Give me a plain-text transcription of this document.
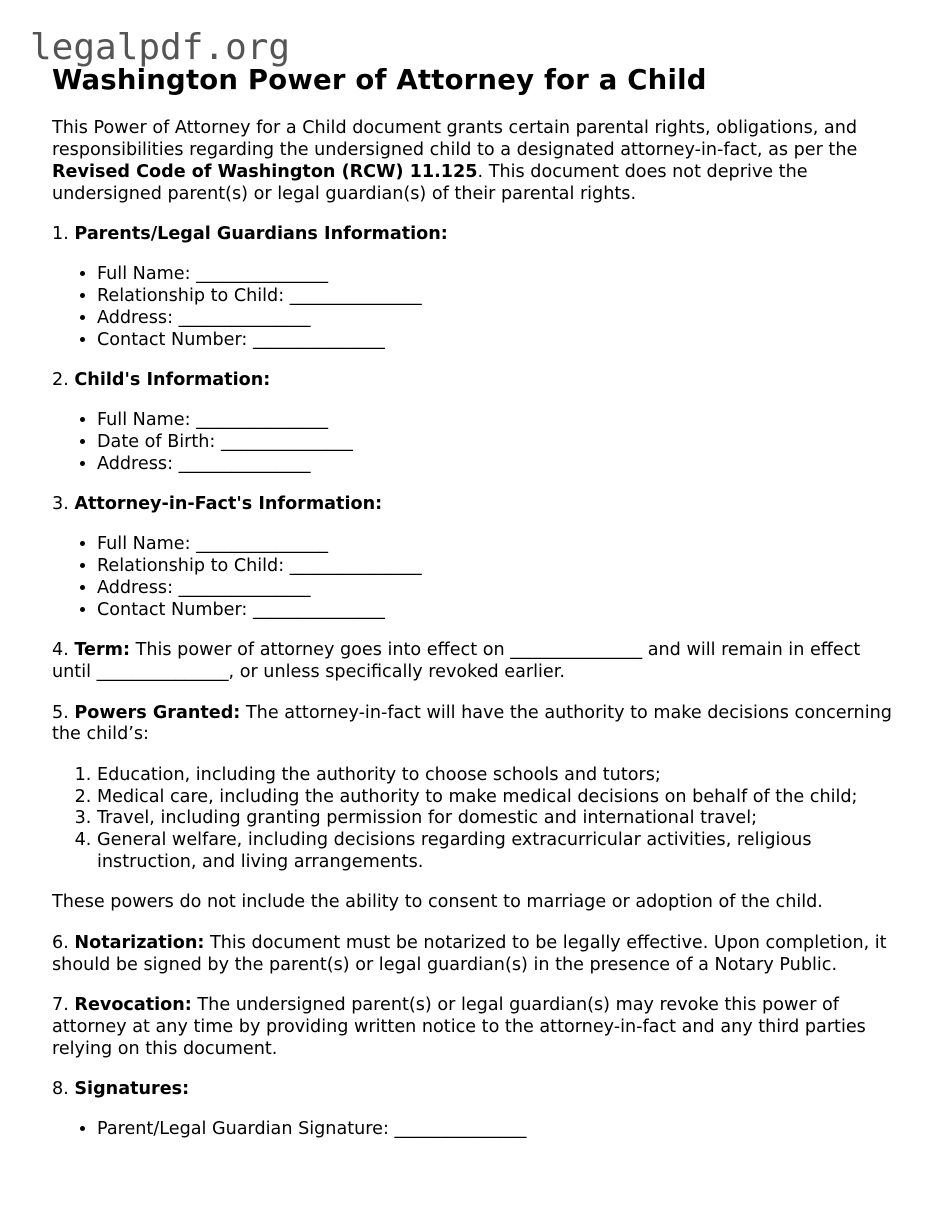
legalpdf.org
Washington Power of Attorney for a Child

This Power of Attorney for a Child document grants certain parental rights, obligations, and responsibilities regarding the undersigned child to a designated attorney-in-fact, as per the Revised Code of Washington (RCW) 11.125. This document does not deprive the undersigned parent(s) or legal guardian(s) of their parental rights.

1. Parents/Legal Guardians Information:

• Full Name: _______________
• Relationship to Child: _______________
• Address: _______________
• Contact Number: _______________

2. Child's Information:

• Full Name: _______________
• Date of Birth: _______________
• Address: _______________

3. Attorney-in-Fact's Information:

• Full Name: _______________
• Relationship to Child: _______________
• Address: _______________
• Contact Number: _______________

4. Term: This power of attorney goes into effect on _______________ and will remain in effect until _______________, or unless specifically revoked earlier.

5. Powers Granted: The attorney-in-fact will have the authority to make decisions concerning the child’s:

1. Education, including the authority to choose schools and tutors;
2. Medical care, including the authority to make medical decisions on behalf of the child;
3. Travel, including granting permission for domestic and international travel;
4. General welfare, including decisions regarding extracurricular activities, religious instruction, and living arrangements.

These powers do not include the ability to consent to marriage or adoption of the child.

6. Notarization: This document must be notarized to be legally effective. Upon completion, it should be signed by the parent(s) or legal guardian(s) in the presence of a Notary Public.

7. Revocation: The undersigned parent(s) or legal guardian(s) may revoke this power of attorney at any time by providing written notice to the attorney-in-fact and any third parties relying on this document.

8. Signatures:

• Parent/Legal Guardian Signature: _______________
